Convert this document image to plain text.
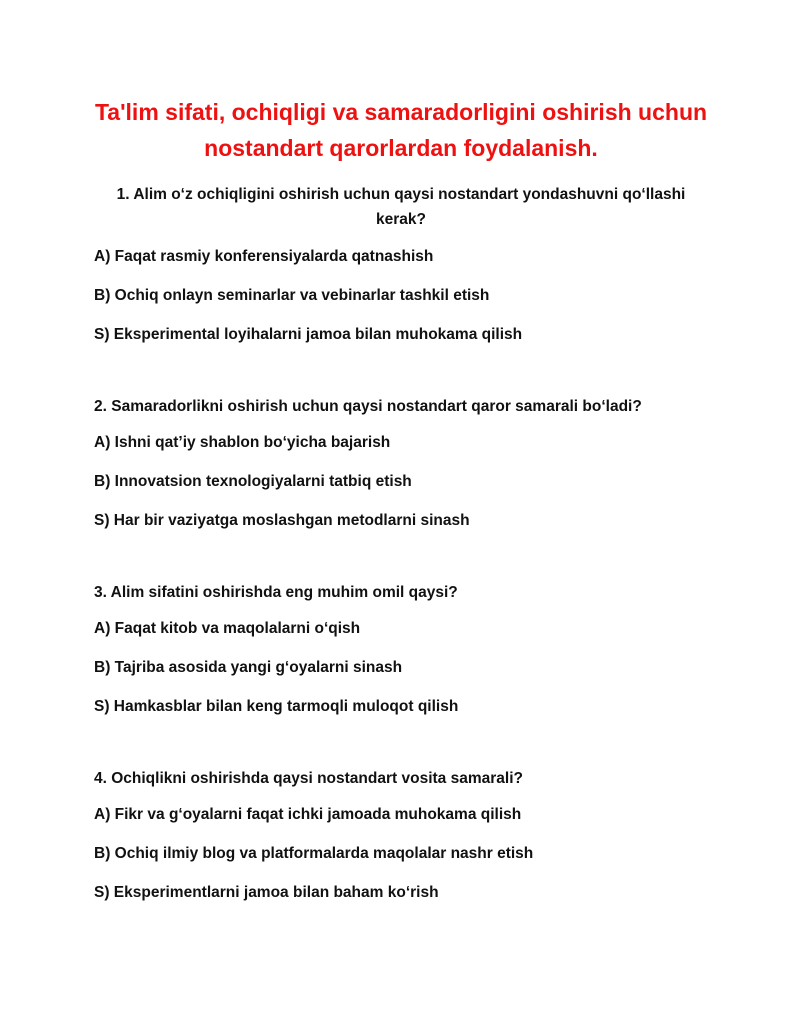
Ta'lim sifati, ochiqligi va samaradorligini oshirish uchun nostandart qarorlardan foydalanish.

1. Alim o‘z ochiqligini oshirish uchun qaysi nostandart yondashuvni qo‘llashi kerak?

A) Faqat rasmiy konferensiyalarda qatnashish

B) Ochiq onlayn seminarlar va vebinarlar tashkil etish

S) Eksperimental loyihalarni jamoa bilan muhokama qilish

2. Samaradorlikni oshirish uchun qaysi nostandart qaror samarali bo‘ladi?

A) Ishni qat’iy shablon bo‘yicha bajarish

B) Innovatsion texnologiyalarni tatbiq etish

S) Har bir vaziyatga moslashgan metodlarni sinash

3. Alim sifatini oshirishda eng muhim omil qaysi?

A) Faqat kitob va maqolalarni o‘qish

B) Tajriba asosida yangi g‘oyalarni sinash

S) Hamkasblar bilan keng tarmoqli muloqot qilish

4. Ochiqlikni oshirishda qaysi nostandart vosita samarali?

A) Fikr va g‘oyalarni faqat ichki jamoada muhokama qilish

B) Ochiq ilmiy blog va platformalarda maqolalar nashr etish

S) Eksperimentlarni jamoa bilan baham ko‘rish
